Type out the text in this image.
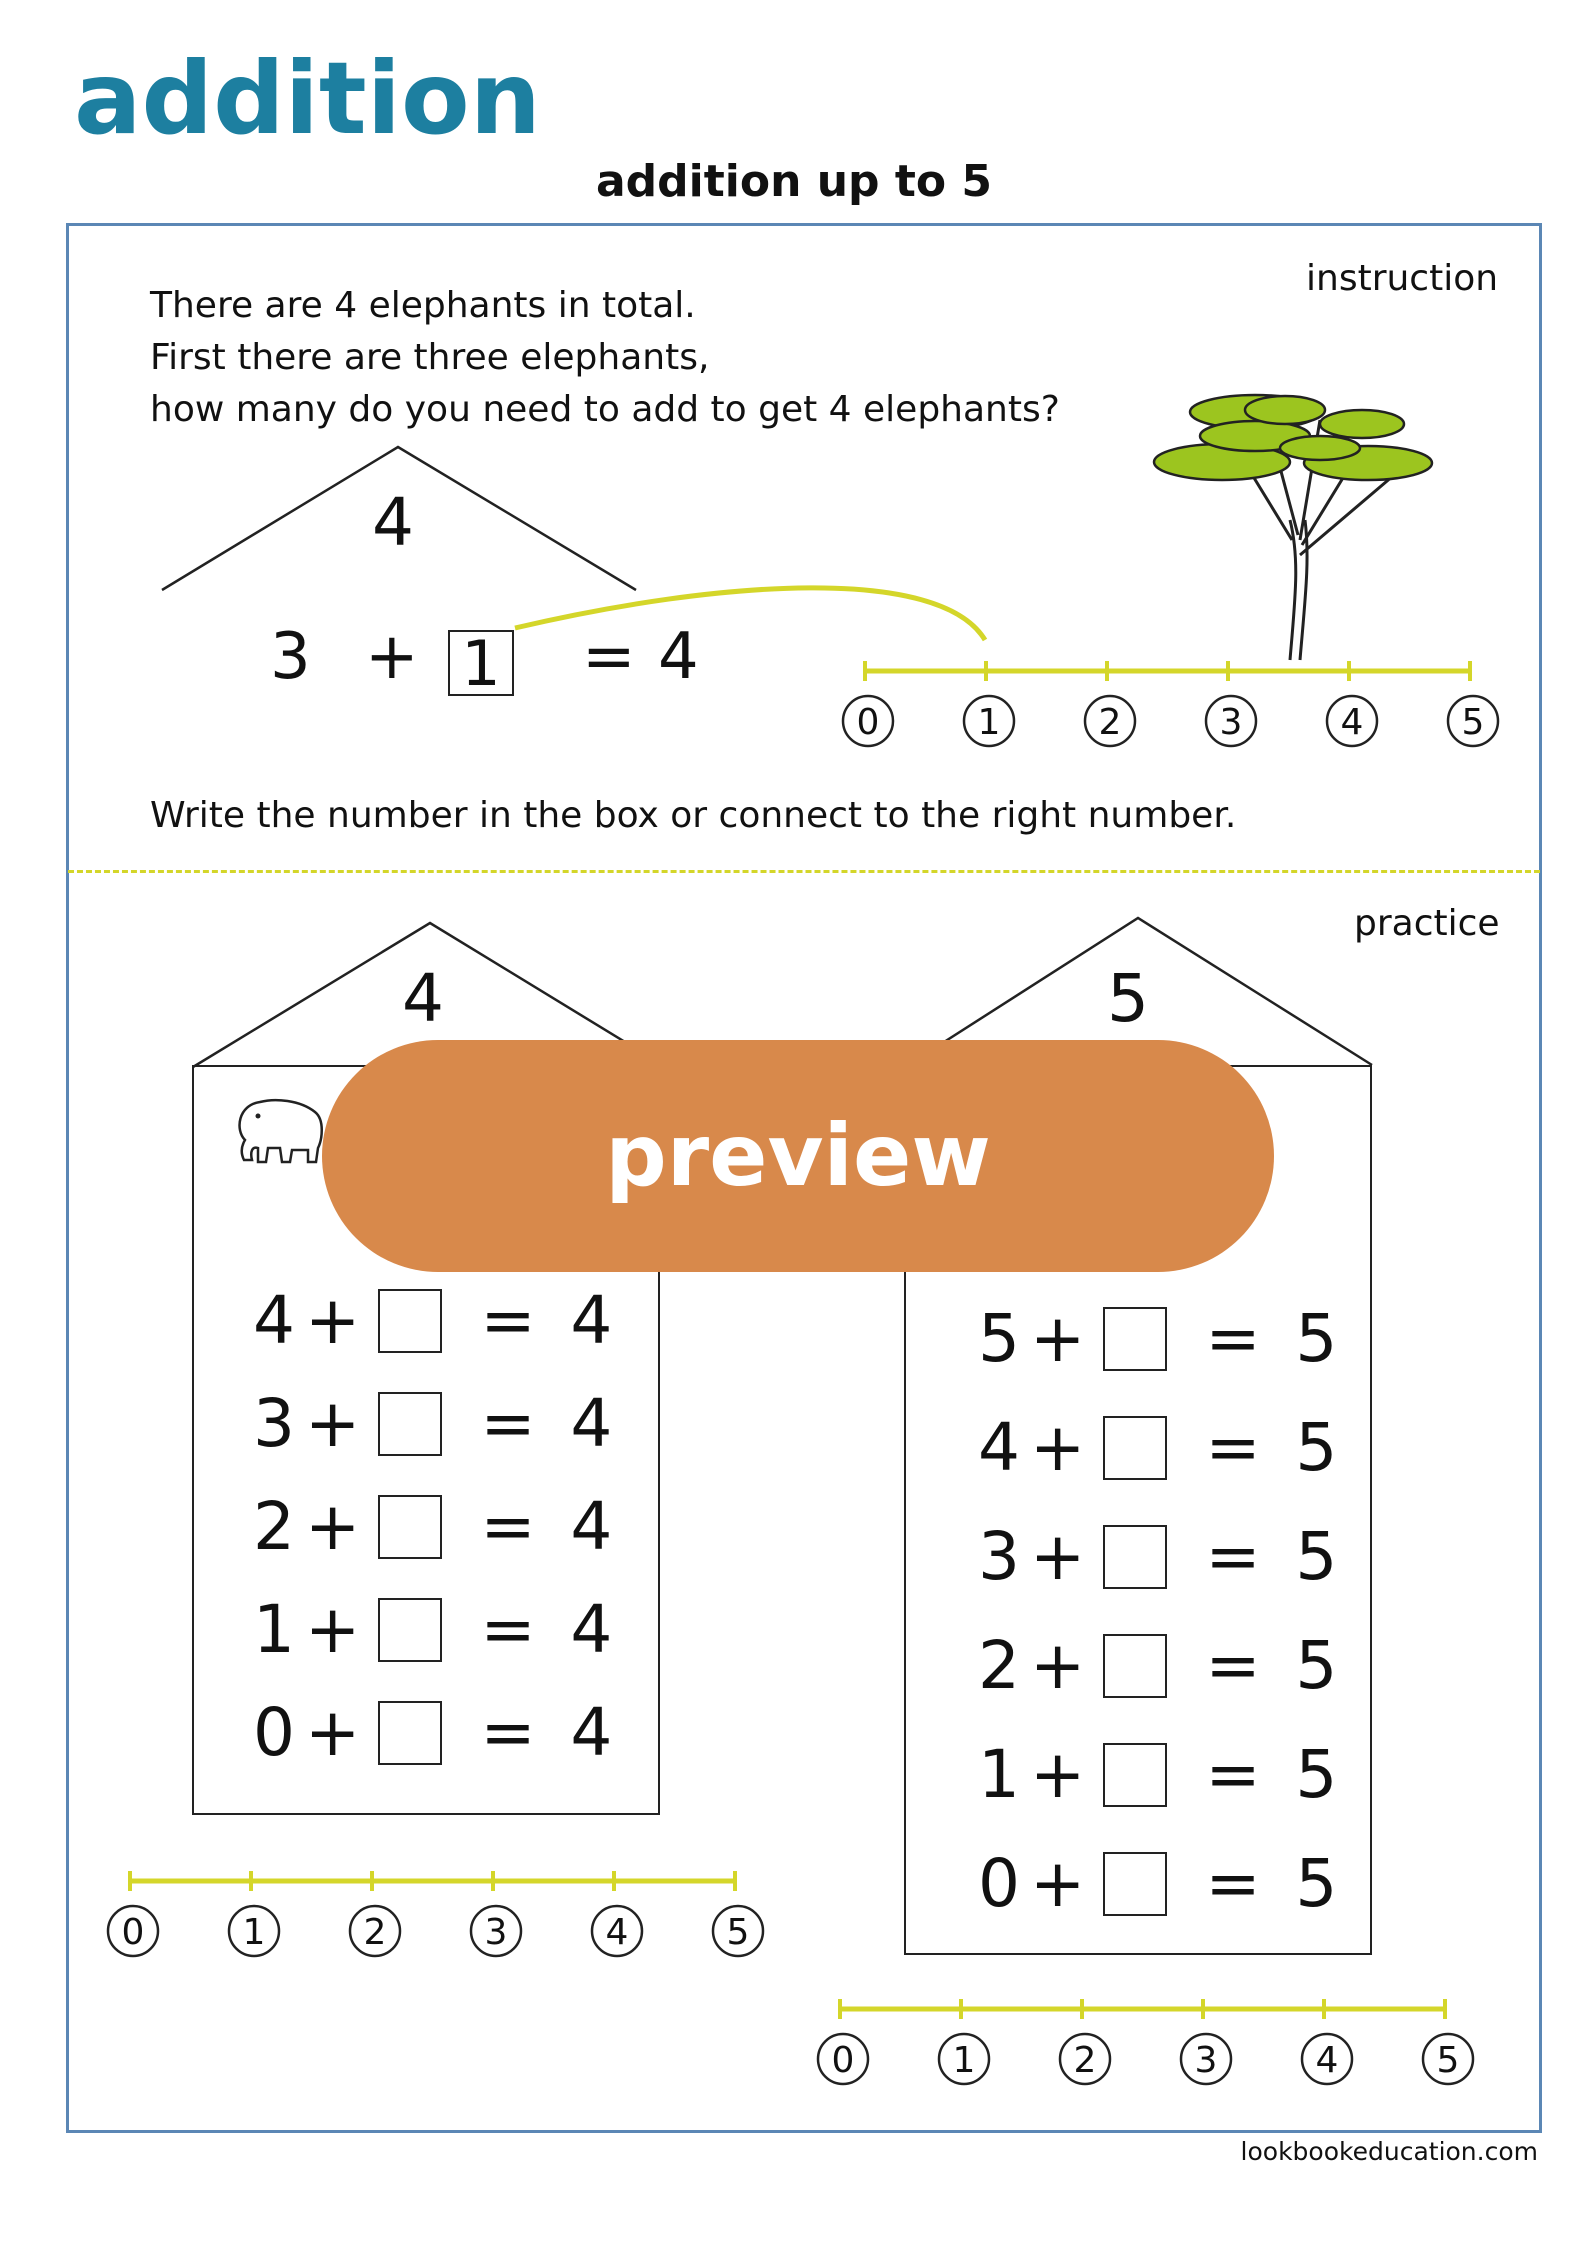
addition
addition up to 5
instruction
There are 4 elephants in total.
First there are three elephants,
how many do you need to add to get 4 elephants?
4
3 + 1 = 4
0	1	2	3	4	5
0	1	2	3	4	5
0	1	2	3	4	5
Write the number in the box or connect to the right number.
practice
4	5
4 + = 4
3 + = 4
2 + = 4
1 + = 4
0 + = 4
5 + = 5
4 + = 5
3 + = 5
2 + = 5
1 + = 5
0 + = 5
preview
lookbookeducation.com
